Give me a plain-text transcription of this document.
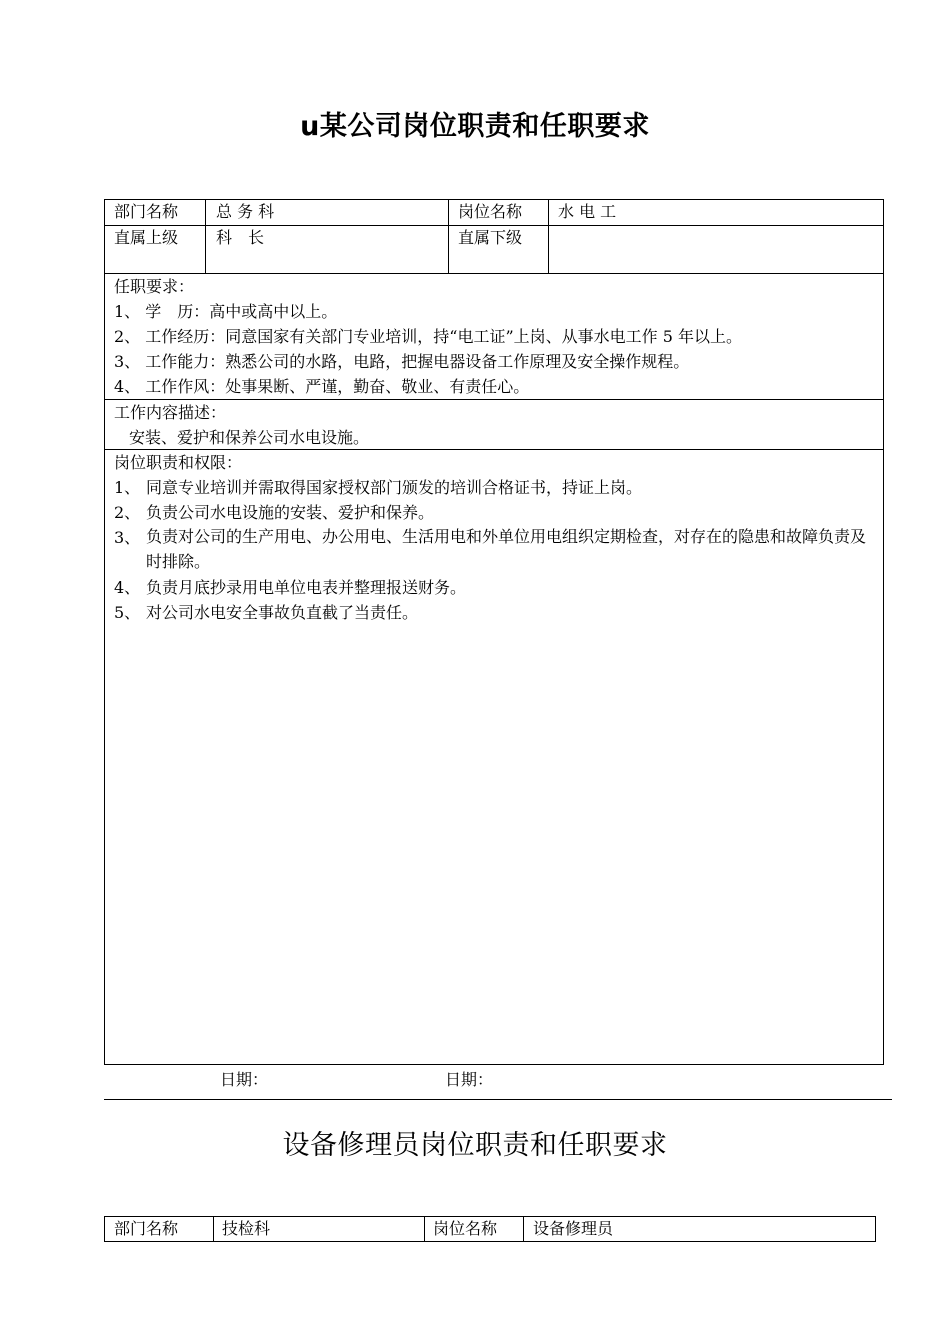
u某公司岗位职责和任职要求
部门名称 总 务 科	岗位名称 水 电 工
直属上级 科　长	直属下级
任职要求：
1、 学　历：高中或高中以上。
2、 工作经历：同意国家有关部门专业培训，持“电工证”上岗、从事水电工作 5 年以上。
3、 工作能力：熟悉公司的水路，电路，把握电器设备工作原理及安全操作规程。
4、 工作作风：处事果断、严谨，勤奋、敬业、有责任心。
工作内容描述：
安装、爱护和保养公司水电设施。
岗位职责和权限：
1、 同意专业培训并需取得国家授权部门颁发的培训合格证书，持证上岗。
2、 负责公司水电设施的安装、爱护和保养。
3、 负责对公司的生产用电、办公用电、生活用电和外单位用电组织定期检查，对存在的隐患和故障负责及时排除。
4、 负责月底抄录用电单位电表并整理报送财务。
5、 对公司水电安全事故负直截了当责任。
日期：	日期：
设备修理员岗位职责和任职要求
部门名称	技检科	岗位名称 设备修理员
